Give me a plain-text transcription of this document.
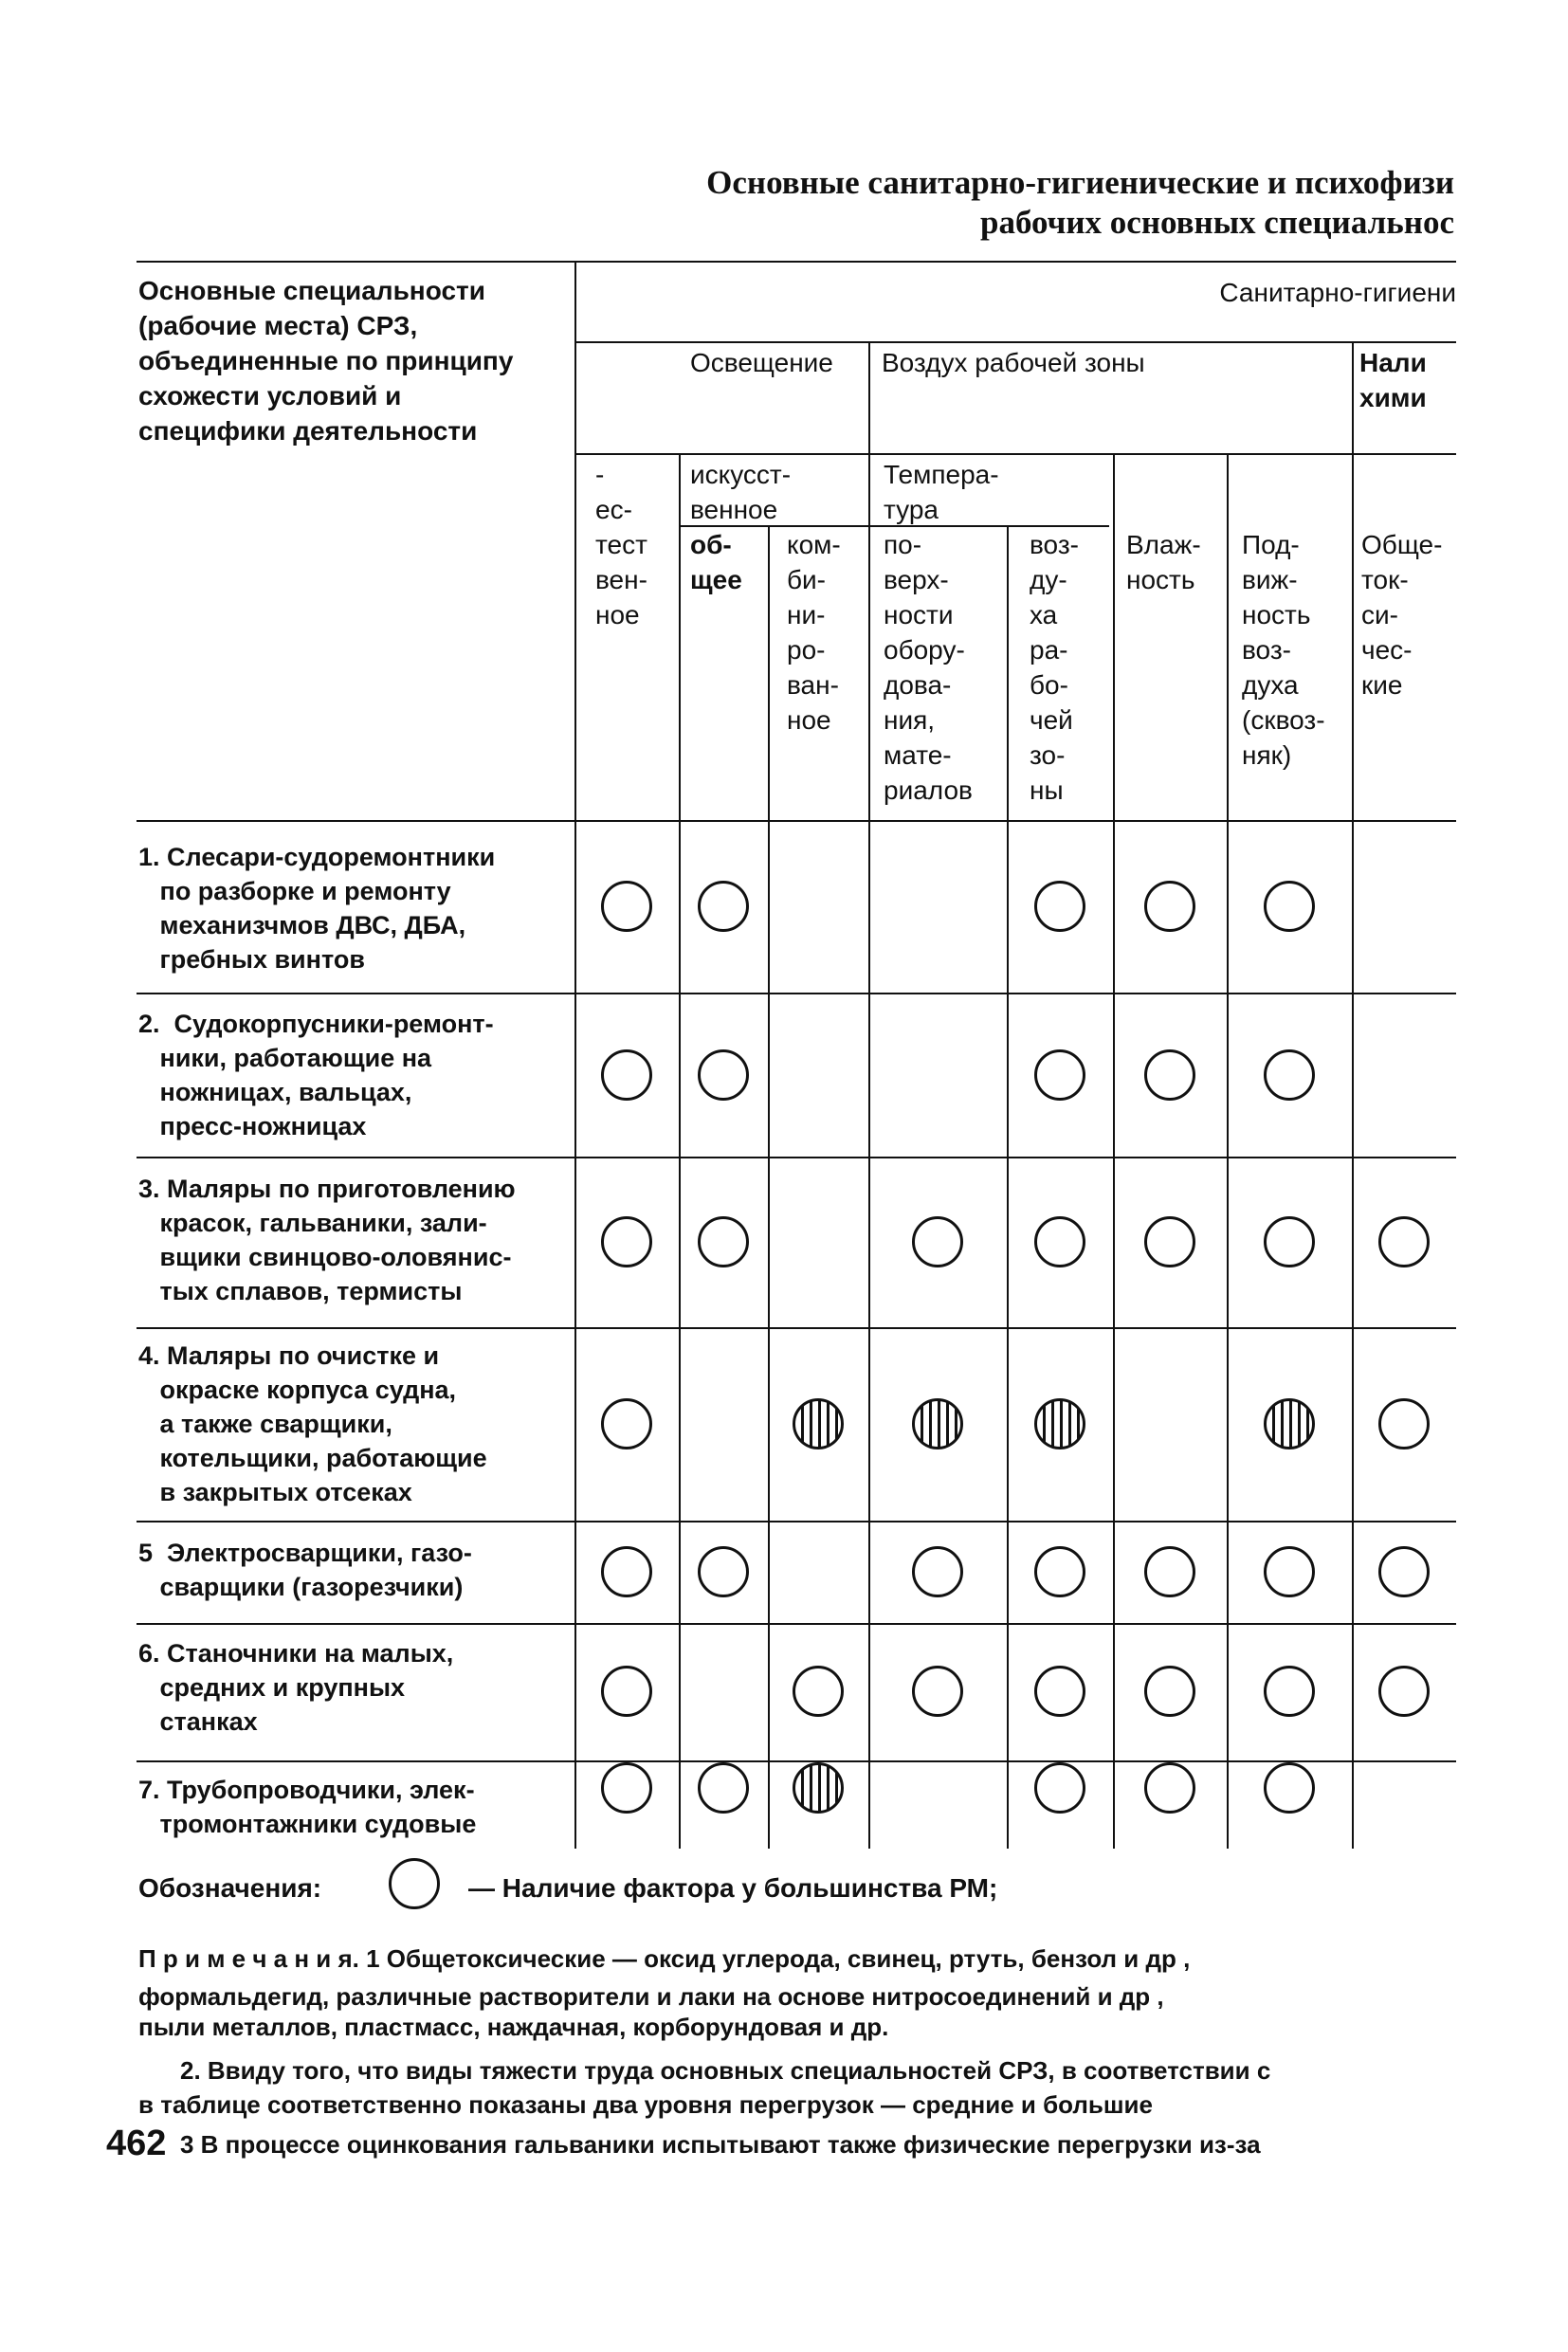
Основные санитарно-гигиенические и психофизи
рабочих основных специальнос
Основные специальности
(рабочие места) СРЗ,
объединенные по принципу
схожести условий и
специфики деятельности
Санитарно-гигиени
Освещение Воздух рабочей зоны	Нали
хими
-
ес-
тест
вен-
ное
искусст-
венное
об-
щее
ком-
би-
ни-
ро-
ван-
ное
Темпера-
тура
по-
верх-
ности
обору-
дова-
ния,
мате-
риалов
воз-
ду-
ха
ра-
бо-
чей
зо-
ны
Влаж-
ность
Под-
виж-
ность
воз-
духа
(сквоз-
няк)
Обще-
ток-
си-
чес-
кие
1. Слесари-судоремонтники
по разборке и ремонту
механизчмов ДВС, ДБА,
гребных винтов
2.  Судокорпусники-ремонт-
ники, работающие на
ножницах, вальцах,
пресс-ножницах
3. Маляры по приготовлению
красок, гальваники, зали-
вщики свинцово-оловянис-
тых сплавов, термисты
4. Маляры по очистке и
окраске корпуса судна,
а также сварщики,
котельщики, работающие
в закрытых отсеках
5  Электросварщики, газо-
сварщики (газорезчики)
6. Станочники на малых,
средних и крупных
станках
7. Трубопроводчики, элек-
тромонтажники судовые
Обозначения:	— Наличие фактора у большинства РМ;
П р и м е ч а н и я. 1 Общетоксические — оксид углерода, свинец, ртуть, бензол и др ,
формальдегид, различные растворители и лаки на основе нитросоединений и др ,
пыли металлов, пластмасс, наждачная, корборундовая и др.
2. Ввиду того, что виды тяжести труда основных специальностей СРЗ, в соответствии с
в таблице соответственно показаны два уровня перегрузок — средние и большие
3 В процессе оцинкования гальваники испытывают также физические перегрузки из-за
462
